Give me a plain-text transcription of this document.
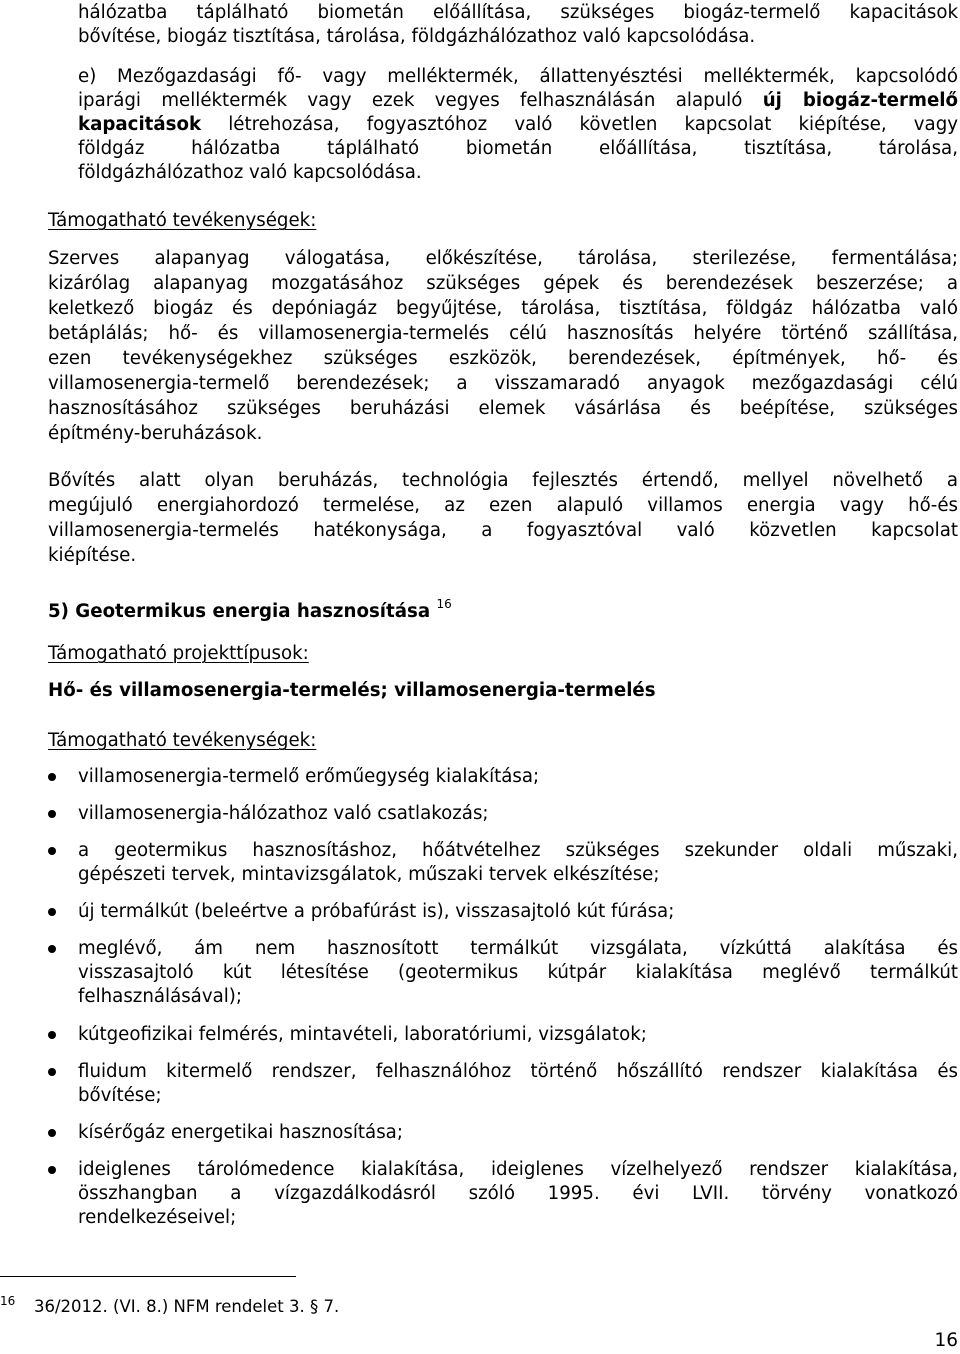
hálózatba táplálható biometán előállítása, szükséges biogáz-termelő kapacitások
bővítése, biogáz tisztítása, tárolása, földgázhálózathoz való kapcsolódása.
e) Mezőgazdasági fő- vagy melléktermék, állattenyésztési melléktermék, kapcsolódó
iparági melléktermék vagy ezek vegyes felhasználásán alapuló új biogáz-termelő
kapacitások létrehozása, fogyasztóhoz való követlen kapcsolat kiépítése, vagy
földgáz hálózatba táplálható biometán előállítása, tisztítása, tárolása,
földgázhálózathoz való kapcsolódása.
Támogatható tevékenységek:
Szerves alapanyag válogatása, előkészítése, tárolása, sterilezése, fermentálása;
kizárólag alapanyag mozgatásához szükséges gépek és berendezések beszerzése; a
keletkező biogáz és depóniagáz begyűjtése, tárolása, tisztítása, földgáz hálózatba való
betáplálás; hő- és villamosenergia-termelés célú hasznosítás helyére történő szállítása,
ezen tevékenységekhez szükséges eszközök, berendezések, építmények, hő- és
villamosenergia-termelő berendezések; a visszamaradó anyagok mezőgazdasági célú
hasznosításához szükséges beruházási elemek vásárlása és beépítése, szükséges
építmény-beruházások.
Bővítés alatt olyan beruházás, technológia fejlesztés értendő, mellyel növelhető a
megújuló energiahordozó termelése, az ezen alapuló villamos energia vagy hő-és
villamosenergia-termelés hatékonysága, a fogyasztóval való közvetlen kapcsolat
kiépítése.
5) Geotermikus energia hasznosítása $^{16}$
Támogatható projekttípusok:
Hő- és villamosenergia-termelés; villamosenergia-termelés
Támogatható tevékenységek:
villamosenergia-termelő erőműegység kialakítása;
villamosenergia-hálózathoz való csatlakozás;
a geotermikus hasznosításhoz, hőátvételhez szükséges szekunder oldali műszaki,
gépészeti tervek, mintavizsgálatok, műszaki tervek elkészítése;
új termálkút (beleértve a próbafúrást is), visszasajtoló kút fúrása;
meglévő, ám nem hasznosított termálkút vizsgálata, vízkúttá alakítása és
visszasajtoló kút létesítése (geotermikus kútpár kialakítása meglévő termálkút
felhasználásával);
kútgeofizikai felmérés, mintavételi, laboratóriumi, vizsgálatok;
fluidum kitermelő rendszer, felhasználóhoz történő hőszállító rendszer kialakítása és
bővítése;
kísérőgáz energetikai hasznosítása;
ideiglenes tárolómedence kialakítása, ideiglenes vízelhelyező rendszer kialakítása,
összhangban a vízgazdálkodásról szóló 1995. évi LVII. törvény vonatkozó
rendelkezéseivel;
16 36/2012. (VI. 8.) NFM rendelet 3. § 7.
16
